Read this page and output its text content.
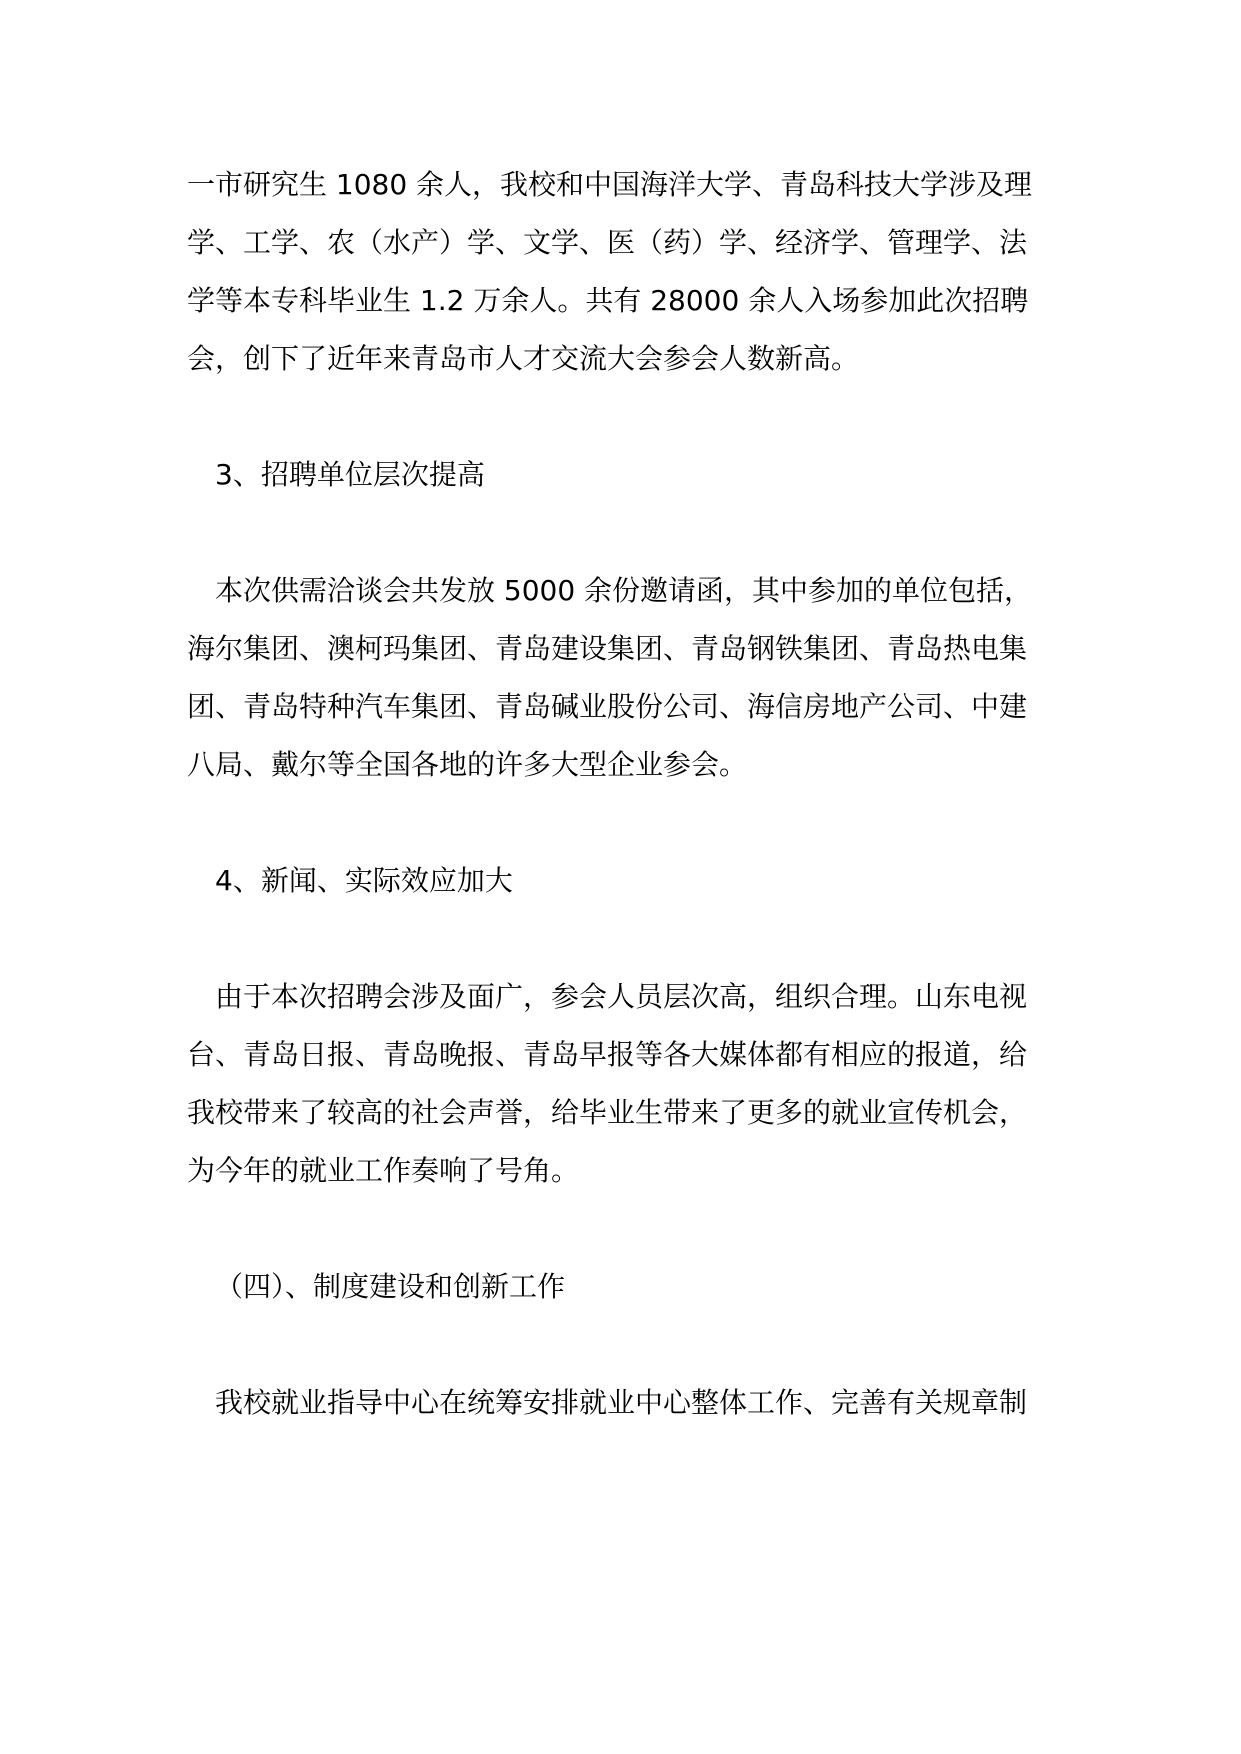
一市研究生 1080 余人，我校和中国海洋大学、青岛科技大学涉及理
学、工学、农（水产）学、文学、医（药）学、经济学、管理学、法
学等本专科毕业生 1.2 万余人。共有 28000 余人入场参加此次招聘
会，创下了近年来青岛市人才交流大会参会人数新高。
3、招聘单位层次提高
本次供需洽谈会共发放 5000 余份邀请函，其中参加的单位包括，
海尔集团、澳柯玛集团、青岛建设集团、青岛钢铁集团、青岛热电集
团、青岛特种汽车集团、青岛碱业股份公司、海信房地产公司、中建
八局、戴尔等全国各地的许多大型企业参会。
4、新闻、实际效应加大
由于本次招聘会涉及面广，参会人员层次高，组织合理。山东电视
台、青岛日报、青岛晚报、青岛早报等各大媒体都有相应的报道，给
我校带来了较高的社会声誉，给毕业生带来了更多的就业宣传机会，
为今年的就业工作奏响了号角。
（四）、制度建设和创新工作
我校就业指导中心在统筹安排就业中心整体工作、完善有关规章制
